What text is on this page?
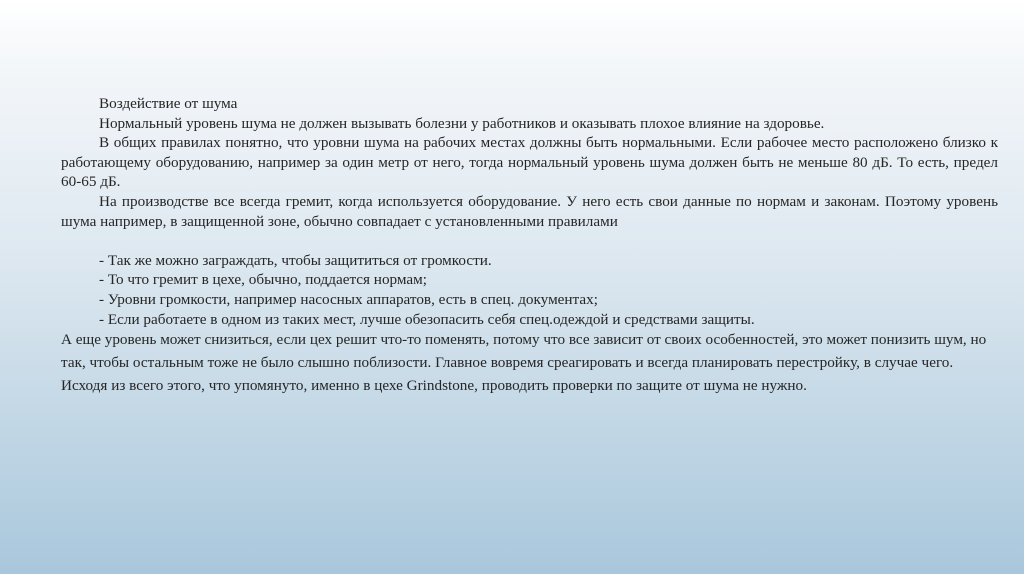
Воздействие от шума

Нормальный уровень шума не должен вызывать болезни у работников и оказывать плохое влияние на здоровье.

В общих правилах понятно, что уровни шума на рабочих местах должны быть нормальными. Если рабочее место расположено близко к работающему оборудованию, например за один метр от него, тогда нормальный уровень шума должен быть не меньше 80 дБ. То есть, предел 60-65 дБ.

На производстве все всегда гремит, когда используется оборудование. У него есть свои данные по нормам и законам. Поэтому уровень шума например, в защищенной зоне, обычно совпадает с установленными правилами

- Так же можно заграждать, чтобы защититься от громкости.

- То что гремит в цехе, обычно, поддается нормам;

- Уровни громкости, например насосных аппаратов, есть в спец. документах;

- Если работаете в одном из таких мест, лучше обезопасить себя спец.одеждой и средствами защиты.

А еще уровень может снизиться, если цех решит что-то поменять, потому что все зависит от своих особенностей, это может понизить шум, но так, чтобы остальным тоже не было слышно поблизости. Главное вовремя среагировать и всегда планировать перестройку, в случае чего. Исходя из всего этого, что упомянуто, именно в цехе Grindstone, проводить проверки по защите от шума не нужно.
